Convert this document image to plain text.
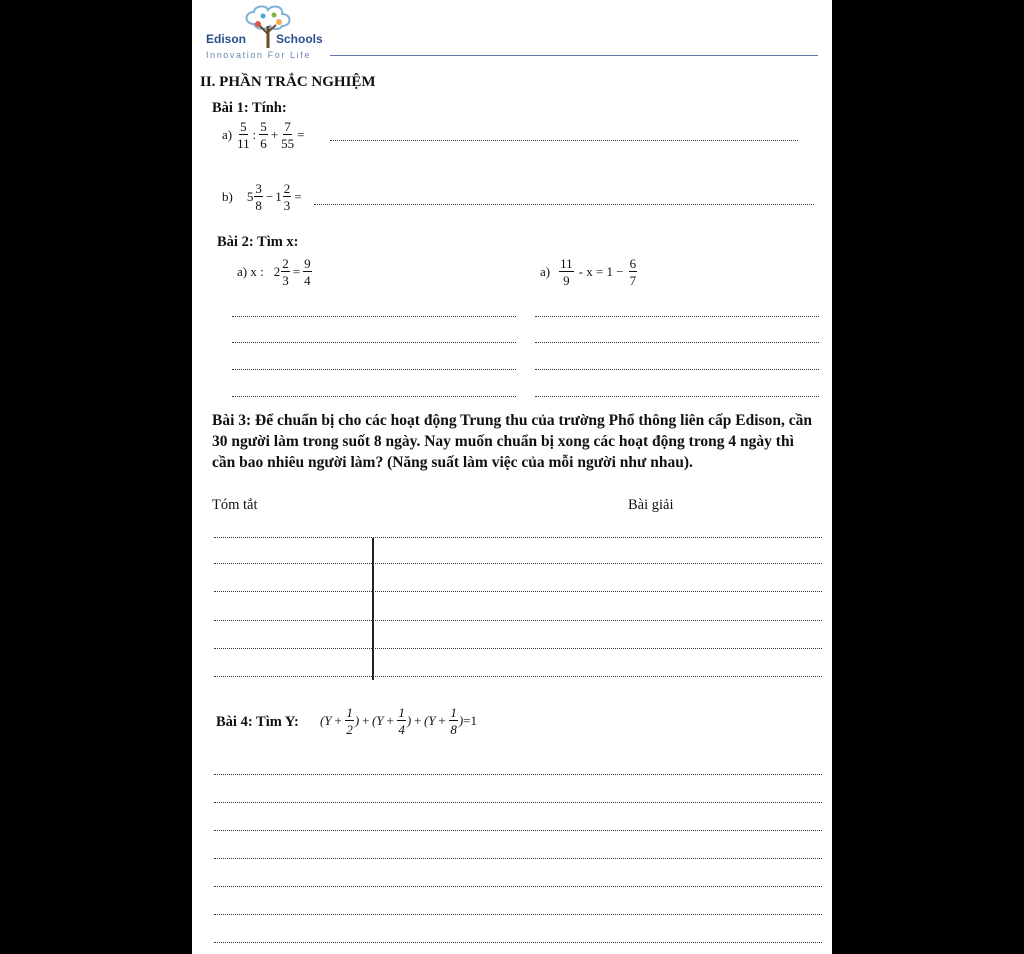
Edison Schools
Innovation For Life
II. PHẦN TRẮC NGHIỆM
Bài 1: Tính:
$a) \frac{5}{11}$ : $\frac{5}{6} + \frac{7}{55}$ =
b) $5 \frac{3}{8} - 1 \frac{2}{3}$ =
Bài 2: Tìm x:
a) x : $2 \frac{2}{3} = \frac{9}{4}$	$a) \frac{11}{9} - x = 1 - \frac{6}{7}$
Bài 3: Để chuẩn bị cho các hoạt động Trung thu của trường Phổ thông liên cấp Edison, cần 30 người làm trong suốt 8 ngày. Nay muốn chuẩn bị xong các hoạt động trong 4 ngày thì cần bao nhiêu người làm? (Năng suất làm việc của mỗi người như nhau).
Tóm tắt	Bài giải
Bài 4: Tìm Y: ( $Y + \frac{1}{2}$ ) + ( $Y + \frac{1}{4}$ ) + ( $Y + \frac{1}{8}$ ) =1
